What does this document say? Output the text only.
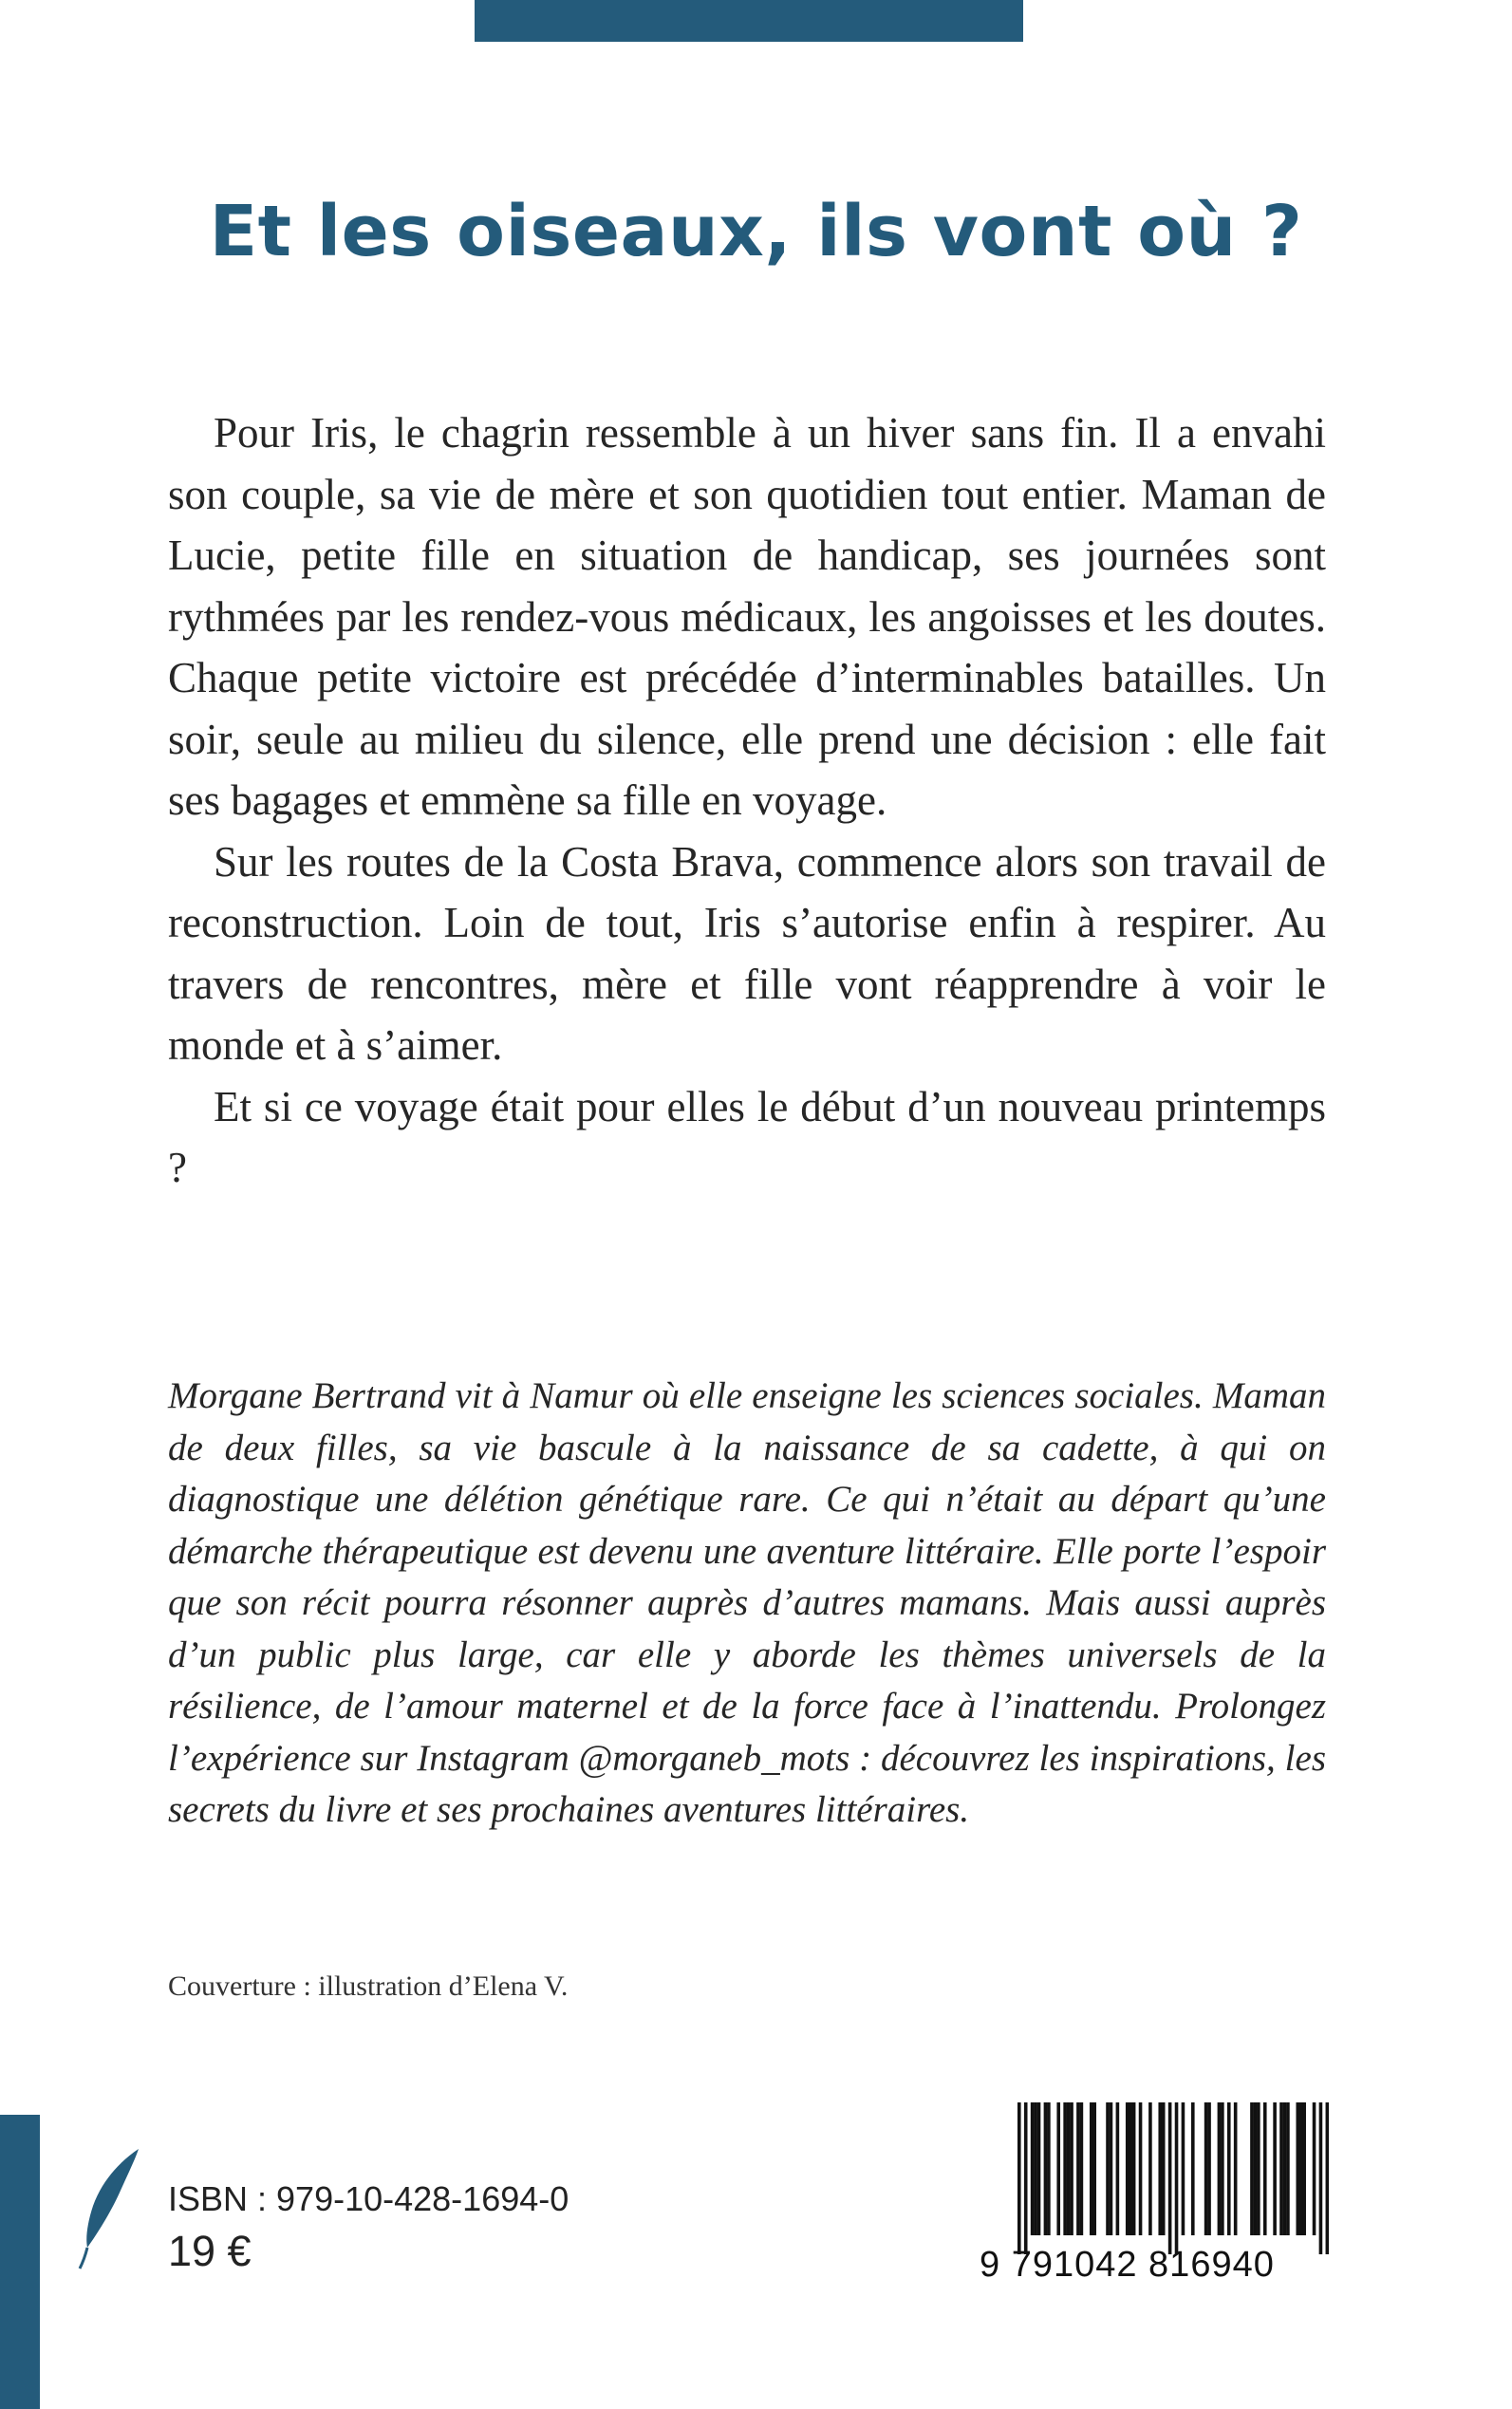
Et les oiseaux, ils vont où ?

Pour Iris, le chagrin ressemble à un hiver sans fin. Il a envahi son couple, sa vie de mère et son quotidien tout entier. Maman de Lucie, petite fille en situation de handicap, ses journées sont rythmées par les rendez-vous médicaux, les angoisses et les doutes. Chaque petite victoire est précédée d’interminables batailles. Un soir, seule au milieu du silence, elle prend une décision : elle fait ses bagages et emmène sa fille en voyage.

Sur les routes de la Costa Brava, commence alors son travail de reconstruction. Loin de tout, Iris s’autorise enfin à respirer. Au travers de rencontres, mère et fille vont réapprendre à voir le monde et à s’aimer.

Et si ce voyage était pour elles le début d’un nouveau printemps ?

Morgane Bertrand vit à Namur où elle enseigne les sciences sociales. Maman de deux filles, sa vie bascule à la naissance de sa cadette, à qui on diagnostique une délétion génétique rare. Ce qui n’était au départ qu’une démarche thérapeutique est devenu une aventure littéraire. Elle porte l’espoir que son récit pourra résonner auprès d’autres mamans. Mais aussi auprès d’un public plus large, car elle y aborde les thèmes universels de la résilience, de l’amour maternel et de la force face à l’inattendu. Prolongez l’expérience sur Instagram @morganeb_mots : découvrez les inspirations, les secrets du livre et ses prochaines aventures littéraires.

Couverture : illustration d’Elena V.

ISBN : 979-10-428-1694-0

19 €	9 791042 816940
